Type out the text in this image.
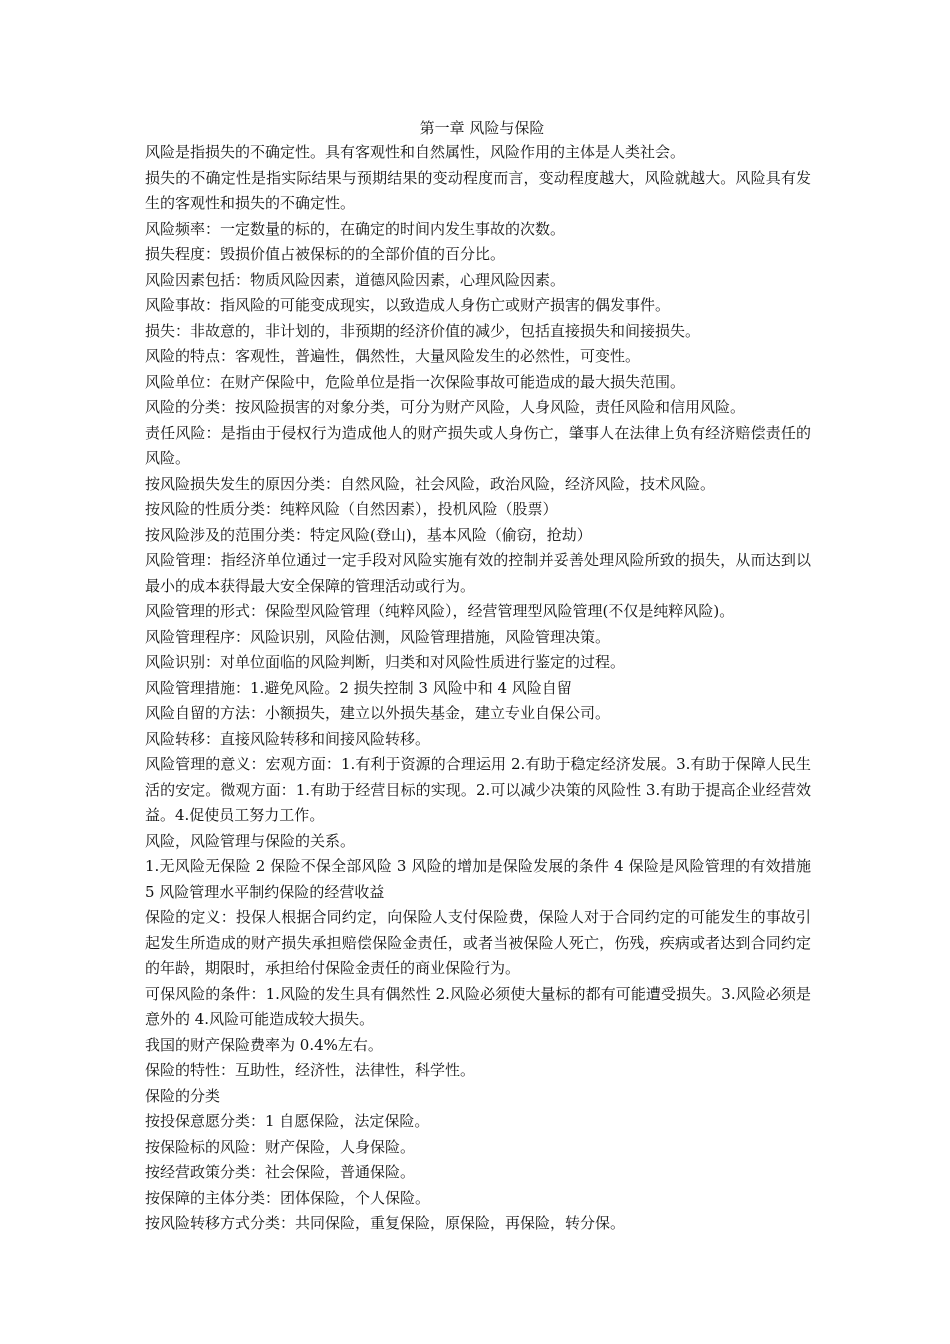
第一章 风险与保险

风险是指损失的不确定性。具有客观性和自然属性，风险作用的主体是人类社会。

损失的不确定性是指实际结果与预期结果的变动程度而言，变动程度越大，风险就越大。风险具有发生的客观性和损失的不确定性。

风险频率：一定数量的标的，在确定的时间内发生事故的次数。

损失程度：毁损价值占被保标的的全部价值的百分比。

风险因素包括：物质风险因素，道德风险因素，心理风险因素。

风险事故：指风险的可能变成现实，以致造成人身伤亡或财产损害的偶发事件。

损失：非故意的，非计划的，非预期的经济价值的减少，包括直接损失和间接损失。

风险的特点：客观性，普遍性，偶然性，大量风险发生的必然性，可变性。

风险单位：在财产保险中，危险单位是指一次保险事故可能造成的最大损失范围。

风险的分类：按风险损害的对象分类，可分为财产风险，人身风险，责任风险和信用风险。

责任风险：是指由于侵权行为造成他人的财产损失或人身伤亡，肇事人在法律上负有经济赔偿责任的风险。

按风险损失发生的原因分类：自然风险，社会风险，政治风险，经济风险，技术风险。

按风险的性质分类：纯粹风险（自然因素），投机风险（股票）

按风险涉及的范围分类：特定风险(登山)，基本风险（偷窃，抢劫）

风险管理：指经济单位通过一定手段对风险实施有效的控制并妥善处理风险所致的损失，从而达到以最小的成本获得最大安全保障的管理活动或行为。

风险管理的形式：保险型风险管理（纯粹风险），经营管理型风险管理(不仅是纯粹风险)。

风险管理程序：风险识别，风险估测，风险管理措施，风险管理决策。

风险识别：对单位面临的风险判断，归类和对风险性质进行鉴定的过程。

风险管理措施：1.避免风险。2 损失控制 3 风险中和 4 风险自留

风险自留的方法：小额损失，建立以外损失基金，建立专业自保公司。

风险转移：直接风险转移和间接风险转移。

风险管理的意义：宏观方面：1.有利于资源的合理运用 2.有助于稳定经济发展。3.有助于保障人民生活的安定。微观方面：1.有助于经营目标的实现。2.可以减少决策的风险性 3.有助于提高企业经营效益。4.促使员工努力工作。

风险，风险管理与保险的关系。

1.无风险无保险 2 保险不保全部风险 3 风险的增加是保险发展的条件 4 保险是风险管理的有效措施 5 风险管理水平制约保险的经营收益

保险的定义：投保人根据合同约定，向保险人支付保险费，保险人对于合同约定的可能发生的事故引起发生所造成的财产损失承担赔偿保险金责任，或者当被保险人死亡，伤残，疾病或者达到合同约定的年龄，期限时，承担给付保险金责任的商业保险行为。

可保风险的条件：1.风险的发生具有偶然性 2.风险必须使大量标的都有可能遭受损失。3.风险必须是意外的 4.风险可能造成较大损失。

我国的财产保险费率为 0.4%左右。

保险的特性：互助性，经济性，法律性，科学性。

保险的分类

按投保意愿分类：1 自愿保险，法定保险。

按保险标的风险：财产保险，人身保险。

按经营政策分类：社会保险，普通保险。

按保障的主体分类：团体保险，个人保险。

按风险转移方式分类：共同保险，重复保险，原保险，再保险，转分保。
